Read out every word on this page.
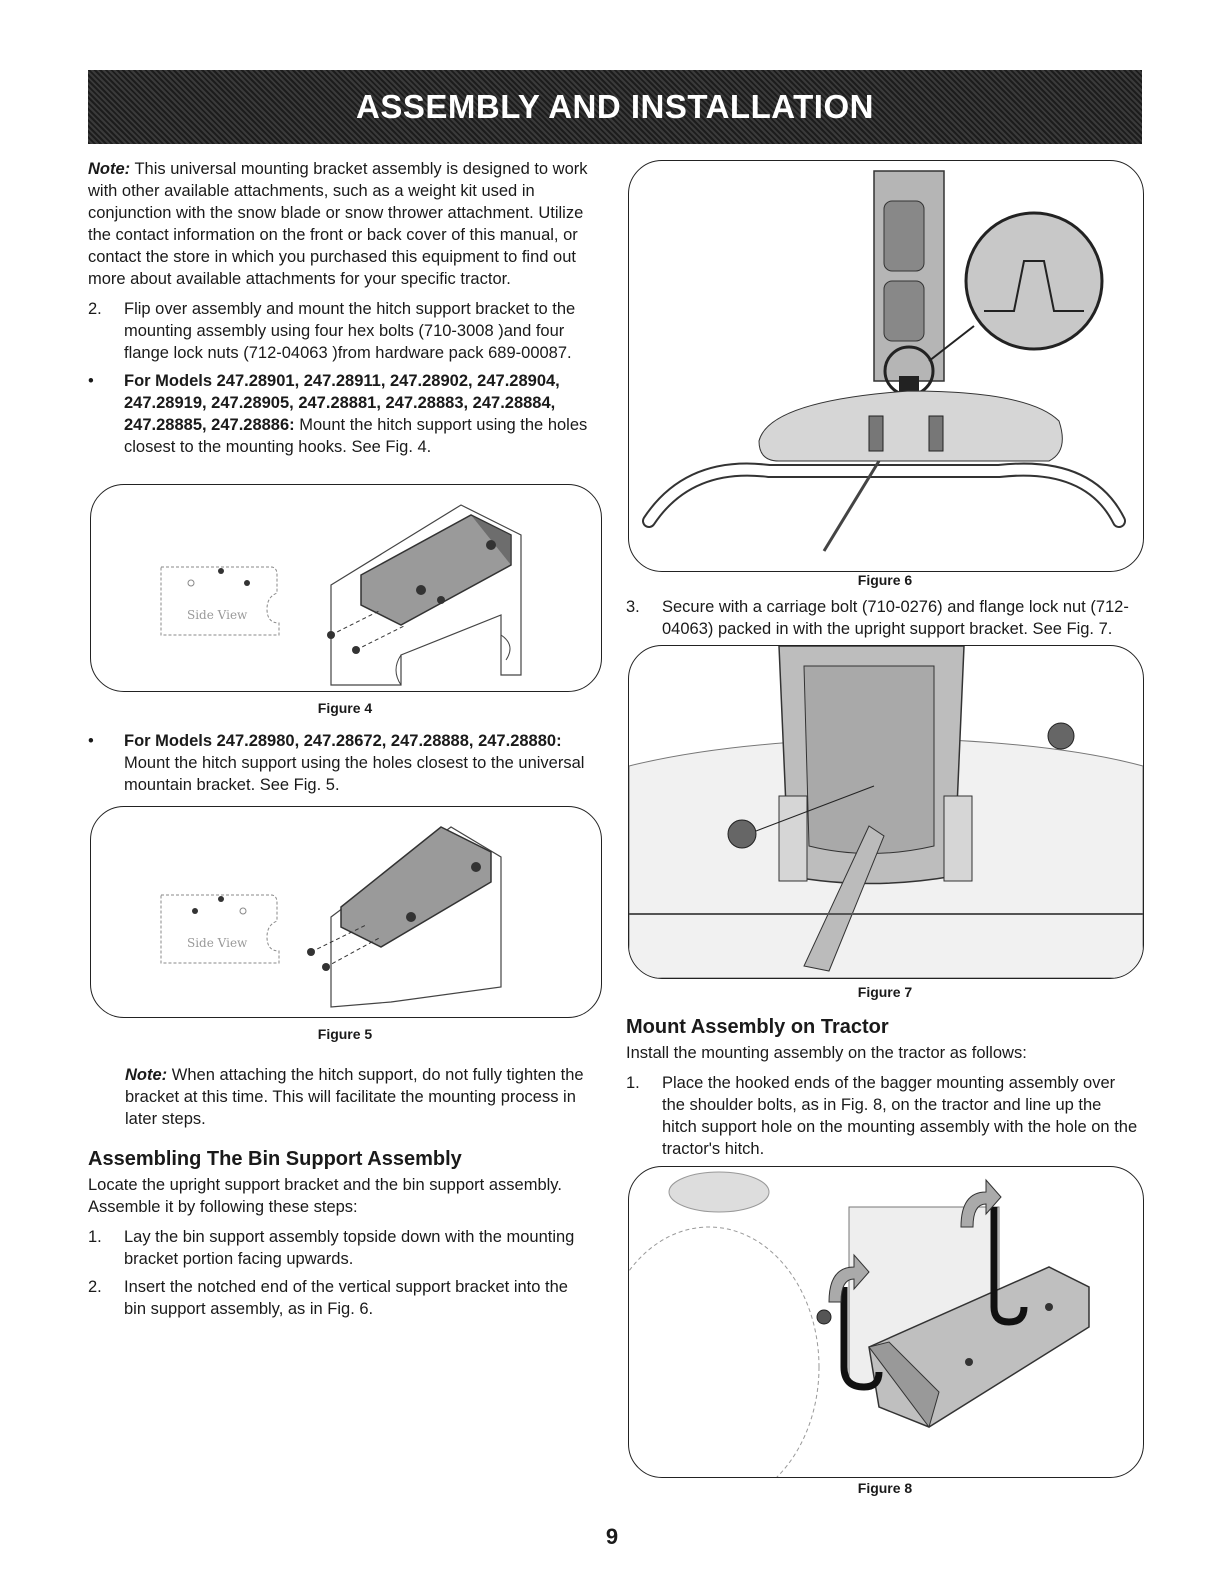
ASSEMBLY AND INSTALLATION

Note: This universal mounting bracket assembly is designed to work with other available attachments, such as a weight kit used in conjunction with the snow blade or snow thrower attachment. Utilize the contact information on the front or back cover of this manual, or contact the store in which you purchased this equipment to find out more about available attachments for your specific tractor.

2. Flip over assembly and mount the hitch support bracket to the mounting assembly using four hex bolts (710-3008 )and four flange lock nuts (712-04063 )from hardware pack 689-00087.
• For Models 247.28901, 247.28911, 247.28902, 247.28904, 247.28919, 247.28905, 247.28881, 247.28883, 247.28884, 247.28885, 247.28886: Mount the hitch support using the holes closest to the mounting hooks. See Fig. 4.
Side View
Figure 4
• For Models 247.28980, 247.28672, 247.28888, 247.28880:
Mount the hitch support using the holes closest to the universal mountain bracket. See Fig. 5.
Side View
Figure 5

Note: When attaching the hitch support, do not fully tighten the bracket at this time. This will facilitate the mounting process in later steps.

Assembling The Bin Support Assembly

Locate the upright support bracket and the bin support assembly. Assemble it by following these steps:

1. Lay the bin support assembly topside down with the mounting bracket portion facing upwards.
2. Insert the notched end of the vertical support bracket into the bin support assembly, as in Fig. 6.
Figure 6
3. Secure with a carriage bolt (710-0276) and flange lock nut (712-04063) packed in with the upright support bracket. See Fig. 7.
Figure 7
Mount Assembly on Tractor

Install the mounting assembly on the tractor as follows:

1. Place the hooked ends of the bagger mounting assembly over the shoulder bolts, as in Fig. 8, on the tractor and line up the hitch support hole on the mounting assembly with the hole on the tractor's hitch.
Figure 8
9
